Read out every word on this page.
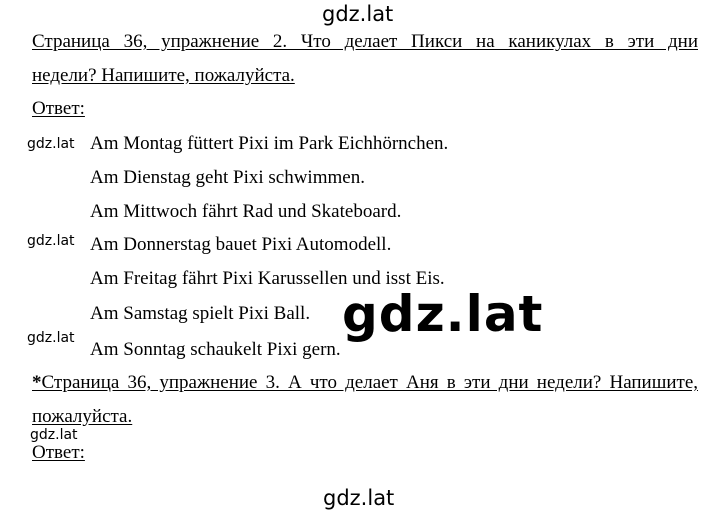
Страница 36, упражнение 2. Что делает Пикси на каникулах в эти дни
недели? Напишите, пожалуйста.
Ответ:
Am Montag füttert Pixi im Park Eichhörnchen.
Am Dienstag geht Pixi schwimmen.
Am Mittwoch fährt Rad und Skateboard.
Am Donnerstag bauet Pixi Automodell.
Am Freitag fährt Pixi Karussellen und isst Eis.
Am Samstag spielt Pixi Ball.
Am Sonntag schaukelt Pixi gern.
*Страница 36, упражнение 3. А что делает Аня в эти дни недели? Напишите,
пожалуйста.
Ответ:
gdz.lat
gdz.lat
gdz.lat
gdz.lat
gdz.lat
gdz.lat
gdz.lat
